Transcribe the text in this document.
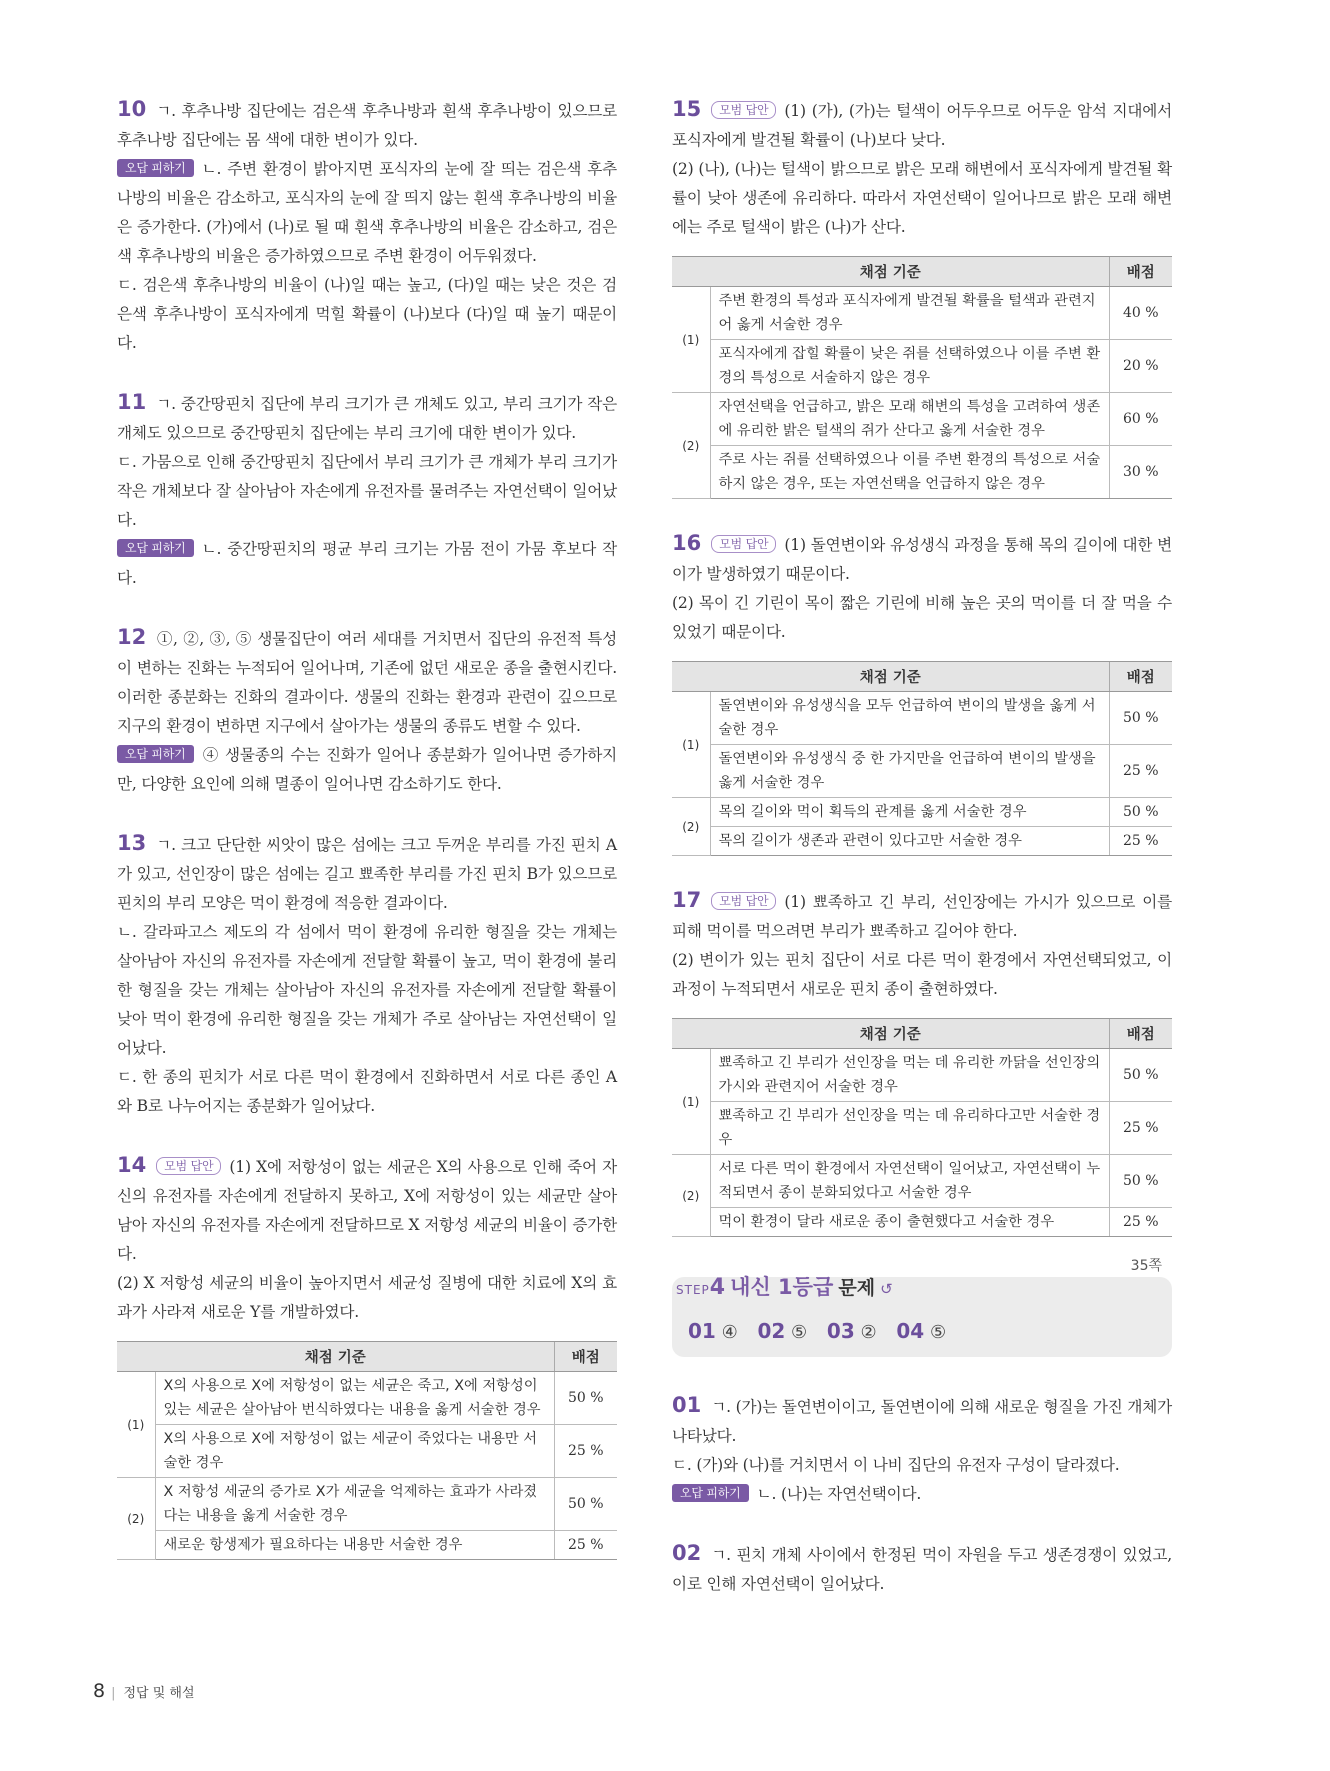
10 ㄱ. 후추나방 집단에는 검은색 후추나방과 흰색 후추나방이 있으므로 후추나방 집단에는 몸 색에 대한 변이가 있다.

오답 피하기 ㄴ. 주변 환경이 밝아지면 포식자의 눈에 잘 띄는 검은색 후추나방의 비율은 감소하고, 포식자의 눈에 잘 띄지 않는 흰색 후추나방의 비율은 증가한다. (가)에서 (나)로 될 때 흰색 후추나방의 비율은 감소하고, 검은색 후추나방의 비율은 증가하였으므로 주변 환경이 어두워졌다.

ㄷ. 검은색 후추나방의 비율이 (나)일 때는 높고, (다)일 때는 낮은 것은 검은색 후추나방이 포식자에게 먹힐 확률이 (나)보다 (다)일 때 높기 때문이다.

11 ㄱ. 중간땅핀치 집단에 부리 크기가 큰 개체도 있고, 부리 크기가 작은 개체도 있으므로 중간땅핀치 집단에는 부리 크기에 대한 변이가 있다.

ㄷ. 가뭄으로 인해 중간땅핀치 집단에서 부리 크기가 큰 개체가 부리 크기가 작은 개체보다 잘 살아남아 자손에게 유전자를 물려주는 자연선택이 일어났다.

오답 피하기 ㄴ. 중간땅핀치의 평균 부리 크기는 가뭄 전이 가뭄 후보다 작다.

12 ①, ②, ③, ⑤ 생물집단이 여러 세대를 거치면서 집단의 유전적 특성이 변하는 진화는 누적되어 일어나며, 기존에 없던 새로운 종을 출현시킨다. 이러한 종분화는 진화의 결과이다. 생물의 진화는 환경과 관련이 깊으므로 지구의 환경이 변하면 지구에서 살아가는 생물의 종류도 변할 수 있다.

오답 피하기 ④ 생물종의 수는 진화가 일어나 종분화가 일어나면 증가하지만, 다양한 요인에 의해 멸종이 일어나면 감소하기도 한다.

13 ㄱ. 크고 단단한 씨앗이 많은 섬에는 크고 두꺼운 부리를 가진 핀치 A가 있고, 선인장이 많은 섬에는 길고 뾰족한 부리를 가진 핀치 B가 있으므로 핀치의 부리 모양은 먹이 환경에 적응한 결과이다.

ㄴ. 갈라파고스 제도의 각 섬에서 먹이 환경에 유리한 형질을 갖는 개체는 살아남아 자신의 유전자를 자손에게 전달할 확률이 높고, 먹이 환경에 불리한 형질을 갖는 개체는 살아남아 자신의 유전자를 자손에게 전달할 확률이 낮아 먹이 환경에 유리한 형질을 갖는 개체가 주로 살아남는 자연선택이 일어났다.

ㄷ. 한 종의 핀치가 서로 다른 먹이 환경에서 진화하면서 서로 다른 종인 A와 B로 나누어지는 종분화가 일어났다.

14 모범 답안 (1) X에 저항성이 없는 세균은 X의 사용으로 인해 죽어 자신의 유전자를 자손에게 전달하지 못하고, X에 저항성이 있는 세균만 살아남아 자신의 유전자를 자손에게 전달하므로 X 저항성 세균의 비율이 증가한다.

(2) X 저항성 세균의 비율이 높아지면서 세균성 질병에 대한 치료에 X의 효과가 사라져 새로운 Y를 개발하였다.

채점 기준		배점
(1)	X의 사용으로 X에 저항성이 없는 세균은 죽고, X에 저항성이 있는 세균은 살아남아 번식하였다는 내용을 옳게 서술한 경우	50 %
	X의 사용으로 X에 저항성이 없는 세균이 죽었다는 내용만 서술한 경우	25 %
(2)	X 저항성 세균의 증가로 X가 세균을 억제하는 효과가 사라졌다는 내용을 옳게 서술한 경우	50 %
	새로운 항생제가 필요하다는 내용만 서술한 경우	25 %

15 모범 답안 (1) (가), (가)는 털색이 어두우므로 어두운 암석 지대에서 포식자에게 발견될 확률이 (나)보다 낮다.

(2) (나), (나)는 털색이 밝으므로 밝은 모래 해변에서 포식자에게 발견될 확률이 낮아 생존에 유리하다. 따라서 자연선택이 일어나므로 밝은 모래 해변에는 주로 털색이 밝은 (나)가 산다.

채점 기준		배점
(1)	주변 환경의 특성과 포식자에게 발견될 확률을 털색과 관련지어 옳게 서술한 경우	40 %
	포식자에게 잡힐 확률이 낮은 쥐를 선택하였으나 이를 주변 환경의 특성으로 서술하지 않은 경우	20 %
(2)	자연선택을 언급하고, 밝은 모래 해변의 특성을 고려하여 생존에 유리한 밝은 털색의 쥐가 산다고 옳게 서술한 경우	60 %
	주로 사는 쥐를 선택하였으나 이를 주변 환경의 특성으로 서술하지 않은 경우, 또는 자연선택을 언급하지 않은 경우	30 %

16 모범 답안 (1) 돌연변이와 유성생식 과정을 통해 목의 길이에 대한 변이가 발생하였기 때문이다.

(2) 목이 긴 기린이 목이 짧은 기린에 비해 높은 곳의 먹이를 더 잘 먹을 수 있었기 때문이다.

채점 기준		배점
(1)	돌연변이와 유성생식을 모두 언급하여 변이의 발생을 옳게 서술한 경우	50 %
	돌연변이와 유성생식 중 한 가지만을 언급하여 변이의 발생을 옳게 서술한 경우	25 %
(2)	목의 길이와 먹이 획득의 관계를 옳게 서술한 경우	50 %
	목의 길이가 생존과 관련이 있다고만 서술한 경우	25 %

17 모범 답안 (1) 뾰족하고 긴 부리, 선인장에는 가시가 있으므로 이를 피해 먹이를 먹으려면 부리가 뾰족하고 길어야 한다.

(2) 변이가 있는 핀치 집단이 서로 다른 먹이 환경에서 자연선택되었고, 이 과정이 누적되면서 새로운 핀치 종이 출현하였다.

채점 기준		배점
(1)	뾰족하고 긴 부리가 선인장을 먹는 데 유리한 까닭을 선인장의 가시와 관련지어 서술한 경우	50 %
	뾰족하고 긴 부리가 선인장을 먹는 데 유리하다고만 서술한 경우	25 %
(2)	서로 다른 먹이 환경에서 자연선택이 일어났고, 자연선택이 누적되면서 종이 분화되었다고 서술한 경우	50 %
	먹이 환경이 달라 새로운 종이 출현했다고 서술한 경우	25 %
35쪽
STEP4 내신 1등급 문제 ↺
01 ④ 02 ⑤ 03 ② 04 ⑤

01 ㄱ. (가)는 돌연변이이고, 돌연변이에 의해 새로운 형질을 가진 개체가 나타났다.

ㄷ. (가)와 (나)를 거치면서 이 나비 집단의 유전자 구성이 달라졌다.

오답 피하기 ㄴ. (나)는 자연선택이다.

02 ㄱ. 핀치 개체 사이에서 한정된 먹이 자원을 두고 생존경쟁이 있었고, 이로 인해 자연선택이 일어났다.

8 | 정답 및 해설
